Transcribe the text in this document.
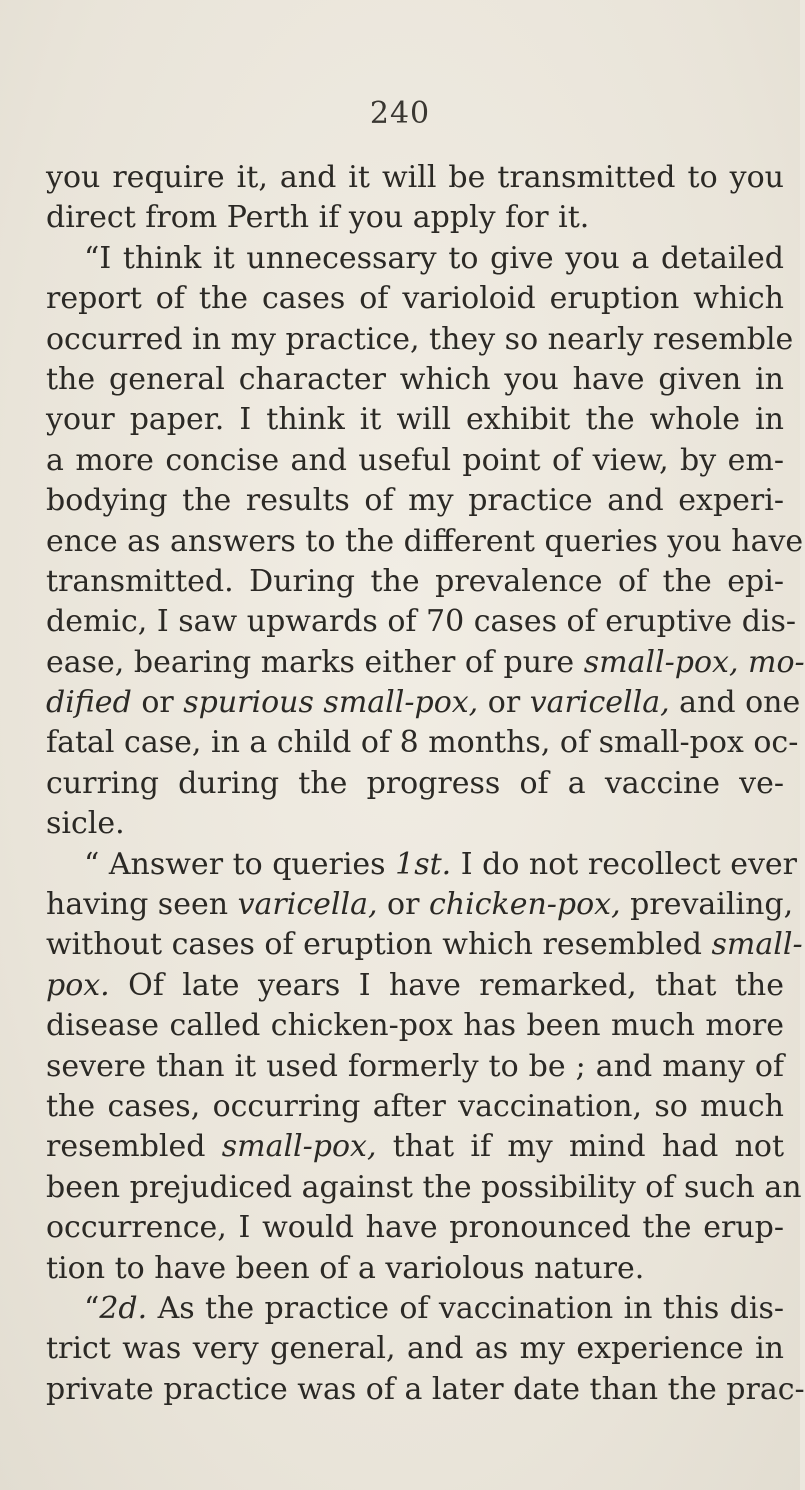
240

you require it, and it will be transmitted to you
direct from Perth if you apply for it.
“I think it unnecessary to give you a detailed
report of the cases of varioloid eruption which
occurred in my practice, they so nearly resemble
the general character which you have given in
your paper. I think it will exhibit the whole in
a more concise and useful point of view, by em-
bodying the results of my practice and experi-
ence as answers to the different queries you have
transmitted. During the prevalence of the epi-
demic, I saw upwards of 70 cases of eruptive dis-
ease, bearing marks either of pure small-pox, mo-
dified or spurious small-pox, or varicella, and one
fatal case, in a child of 8 months, of small-pox oc-
curring during the progress of a vaccine ve-
sicle.
“ Answer to queries 1st. I do not recollect ever
having seen varicella, or chicken-pox, prevailing,
without cases of eruption which resembled small-
pox. Of late years I have remarked, that the
disease called chicken-pox has been much more
severe than it used formerly to be ; and many of
the cases, occurring after vaccination, so much
resembled small-pox, that if my mind had not
been prejudiced against the possibility of such an
occurrence, I would have pronounced the erup-
tion to have been of a variolous nature.
“2d. As the practice of vaccination in this dis-
trict was very general, and as my experience in
private practice was of a later date than the prac-
